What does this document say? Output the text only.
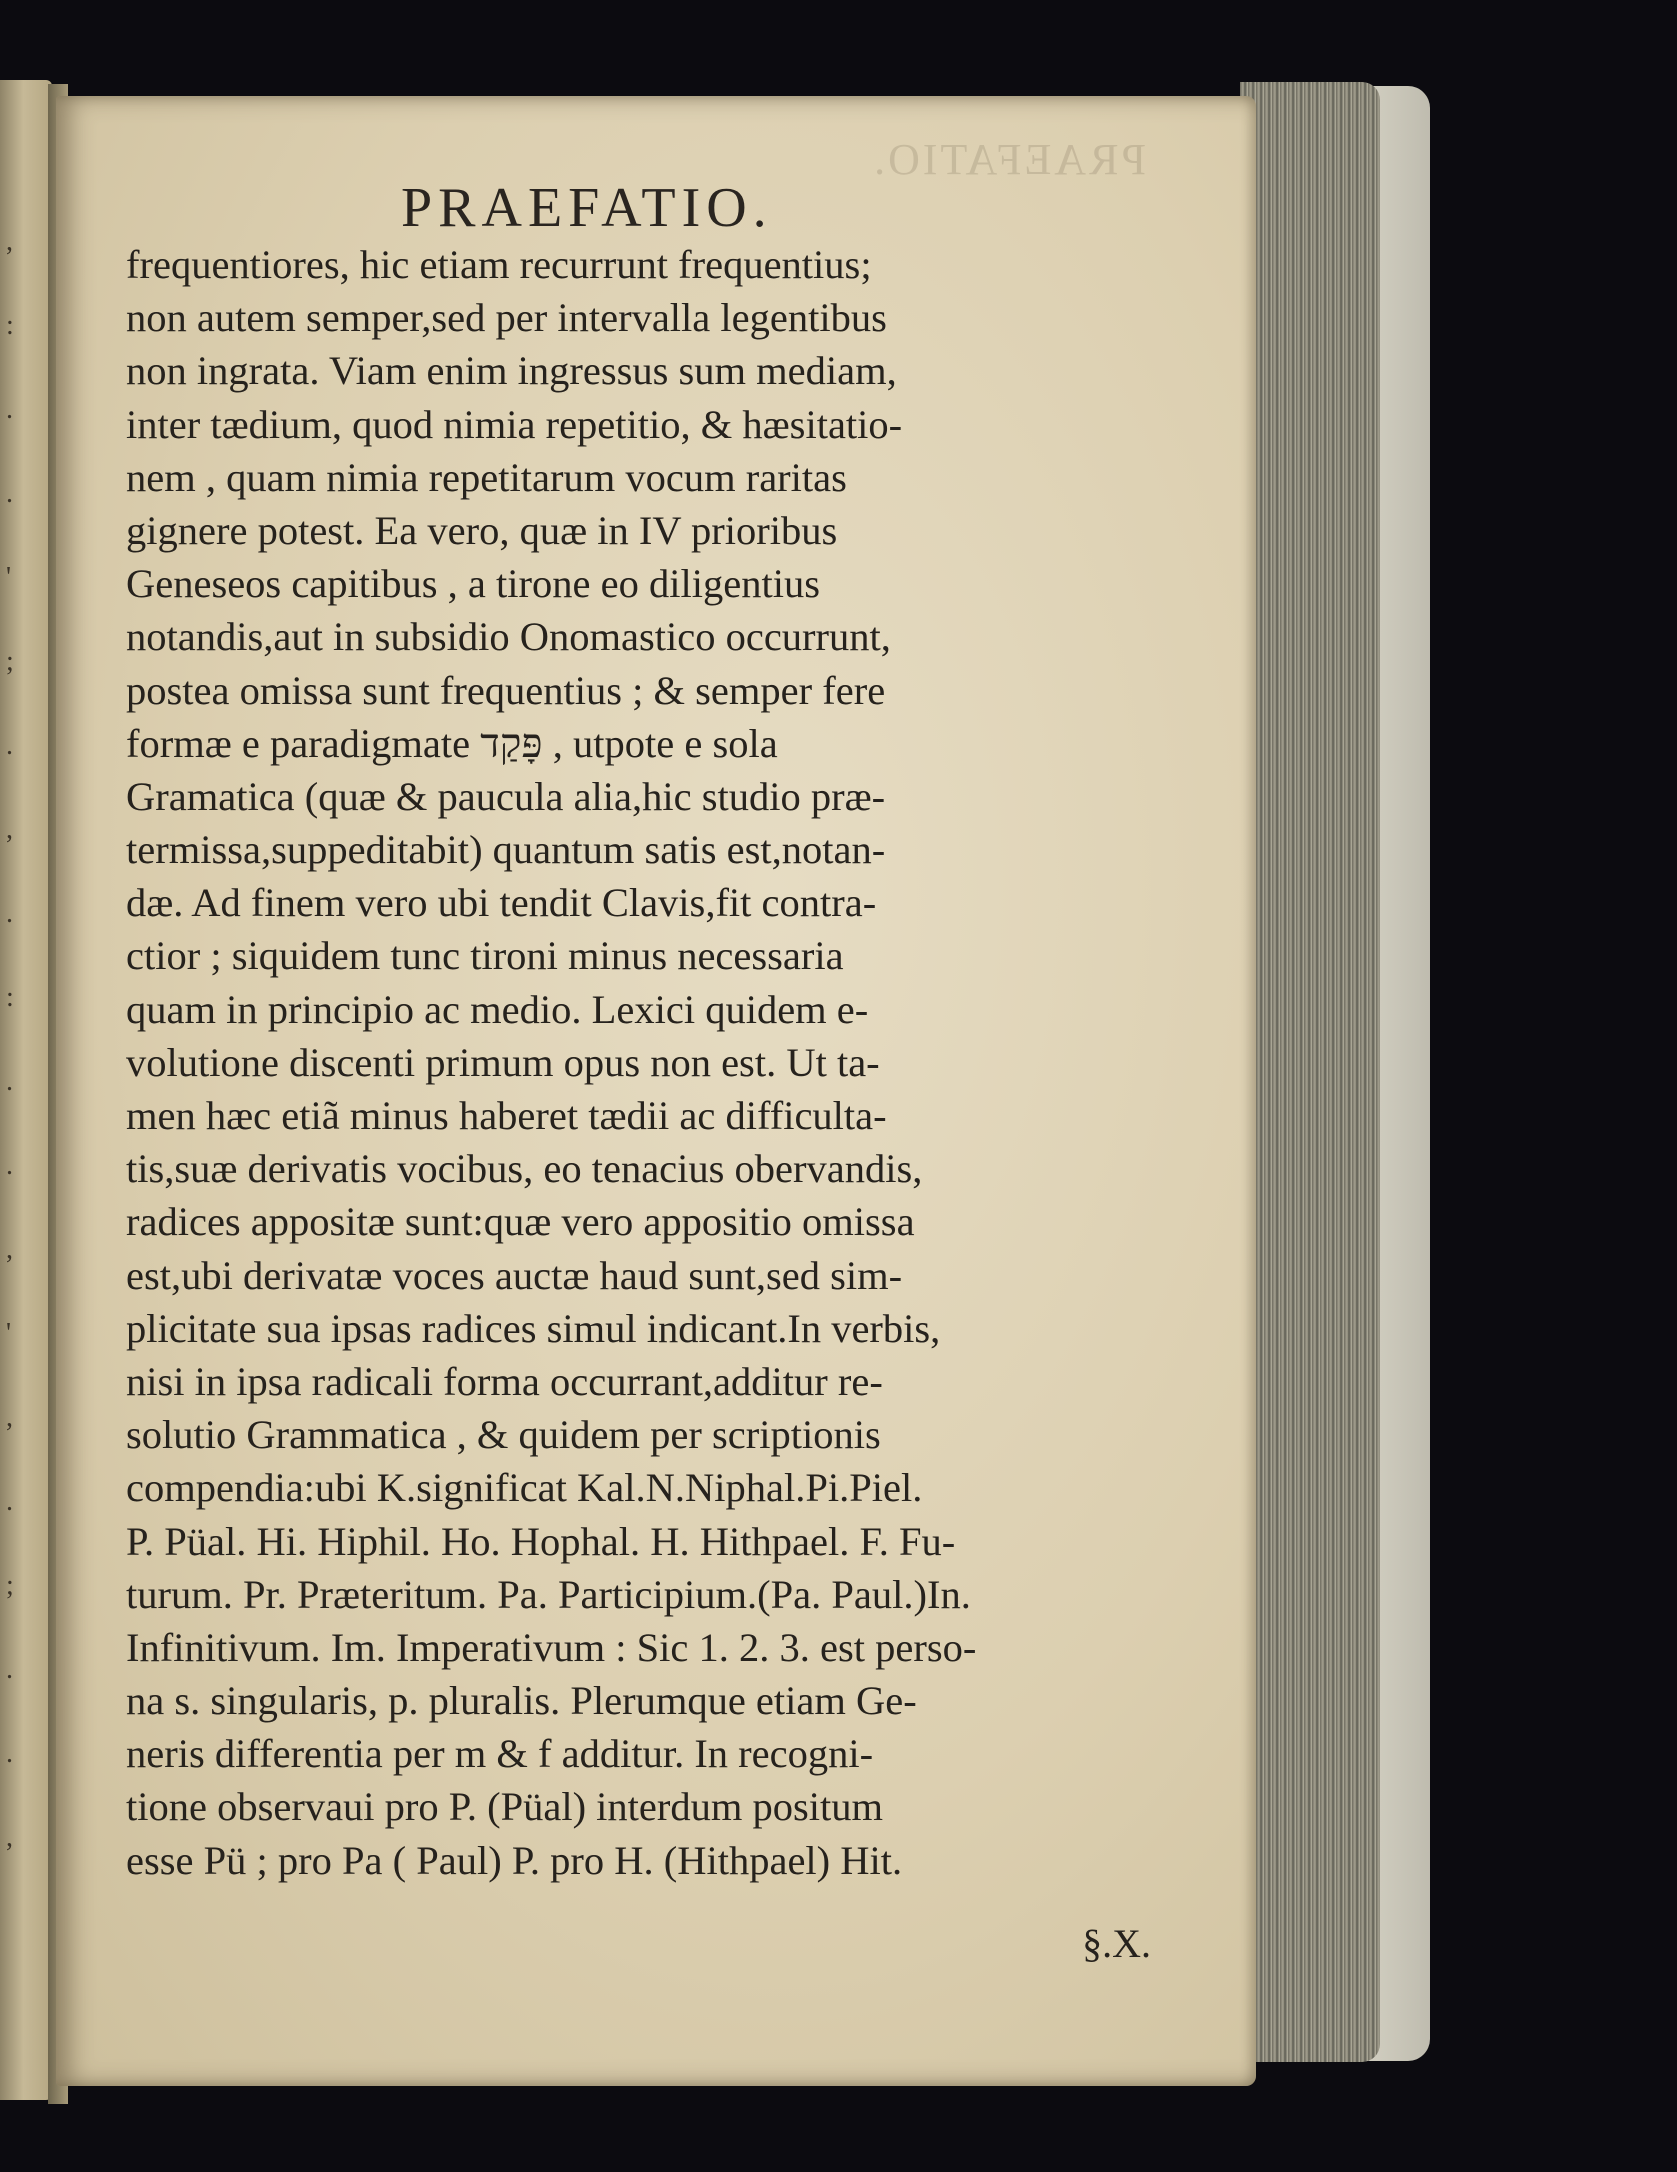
,
:
.
.
'
;
.
,
.
:
.
.
,
'
,
.
;
.
.
,
PRAEFATIO.
PRAEFATIO.
frequentiores, hic etiam recurrunt frequentius;
non autem semper,sed per intervalla legentibus
non ingrata. Viam enim ingressus sum mediam,
inter tædium, quod nimia repetitio, & hæsitatio-
nem , quam nimia repetitarum vocum raritas
gignere potest. Ea vero, quæ in IV prioribus
Geneseos capitibus , a tirone eo diligentius
notandis,aut in subsidio Onomastico occurrunt,
postea omissa sunt frequentius ; & semper fere
formæ e paradigmate פָּקַד , utpote e sola
Gramatica (quæ & paucula alia,hic studio præ-
termissa,suppeditabit) quantum satis est,notan-
dæ. Ad finem vero ubi tendit Clavis,fit contra-
ctior ; siquidem tunc tironi minus necessaria
quam in principio ac medio. Lexici quidem e-
volutione discenti primum opus non est. Ut ta-
men hæc etiã minus haberet tædii ac difficulta-
tis,suæ derivatis vocibus, eo tenacius obervandis,
radices appositæ sunt:quæ vero appositio omissa
est,ubi derivatæ voces auctæ haud sunt,sed sim-
plicitate sua ipsas radices simul indicant.In verbis,
nisi in ipsa radicali forma occurrant,additur re-
solutio Grammatica , & quidem per scriptionis
compendia:ubi K.significat Kal.N.Niphal.Pi.Piel.
P. Püal. Hi. Hiphil. Ho. Hophal. H. Hithpael. F. Fu-
turum. Pr. Præteritum. Pa. Participium.(Pa. Paul.)In.
Infinitivum. Im. Imperativum : Sic 1. 2. 3. est perso-
na s. singularis, p. pluralis. Plerumque etiam Ge-
neris differentia per m & f additur. In recogni-
tione observaui pro P. (Püal) interdum positum
esse Pü ; pro Pa ( Paul) P. pro H. (Hithpael) Hit.
§.X.
